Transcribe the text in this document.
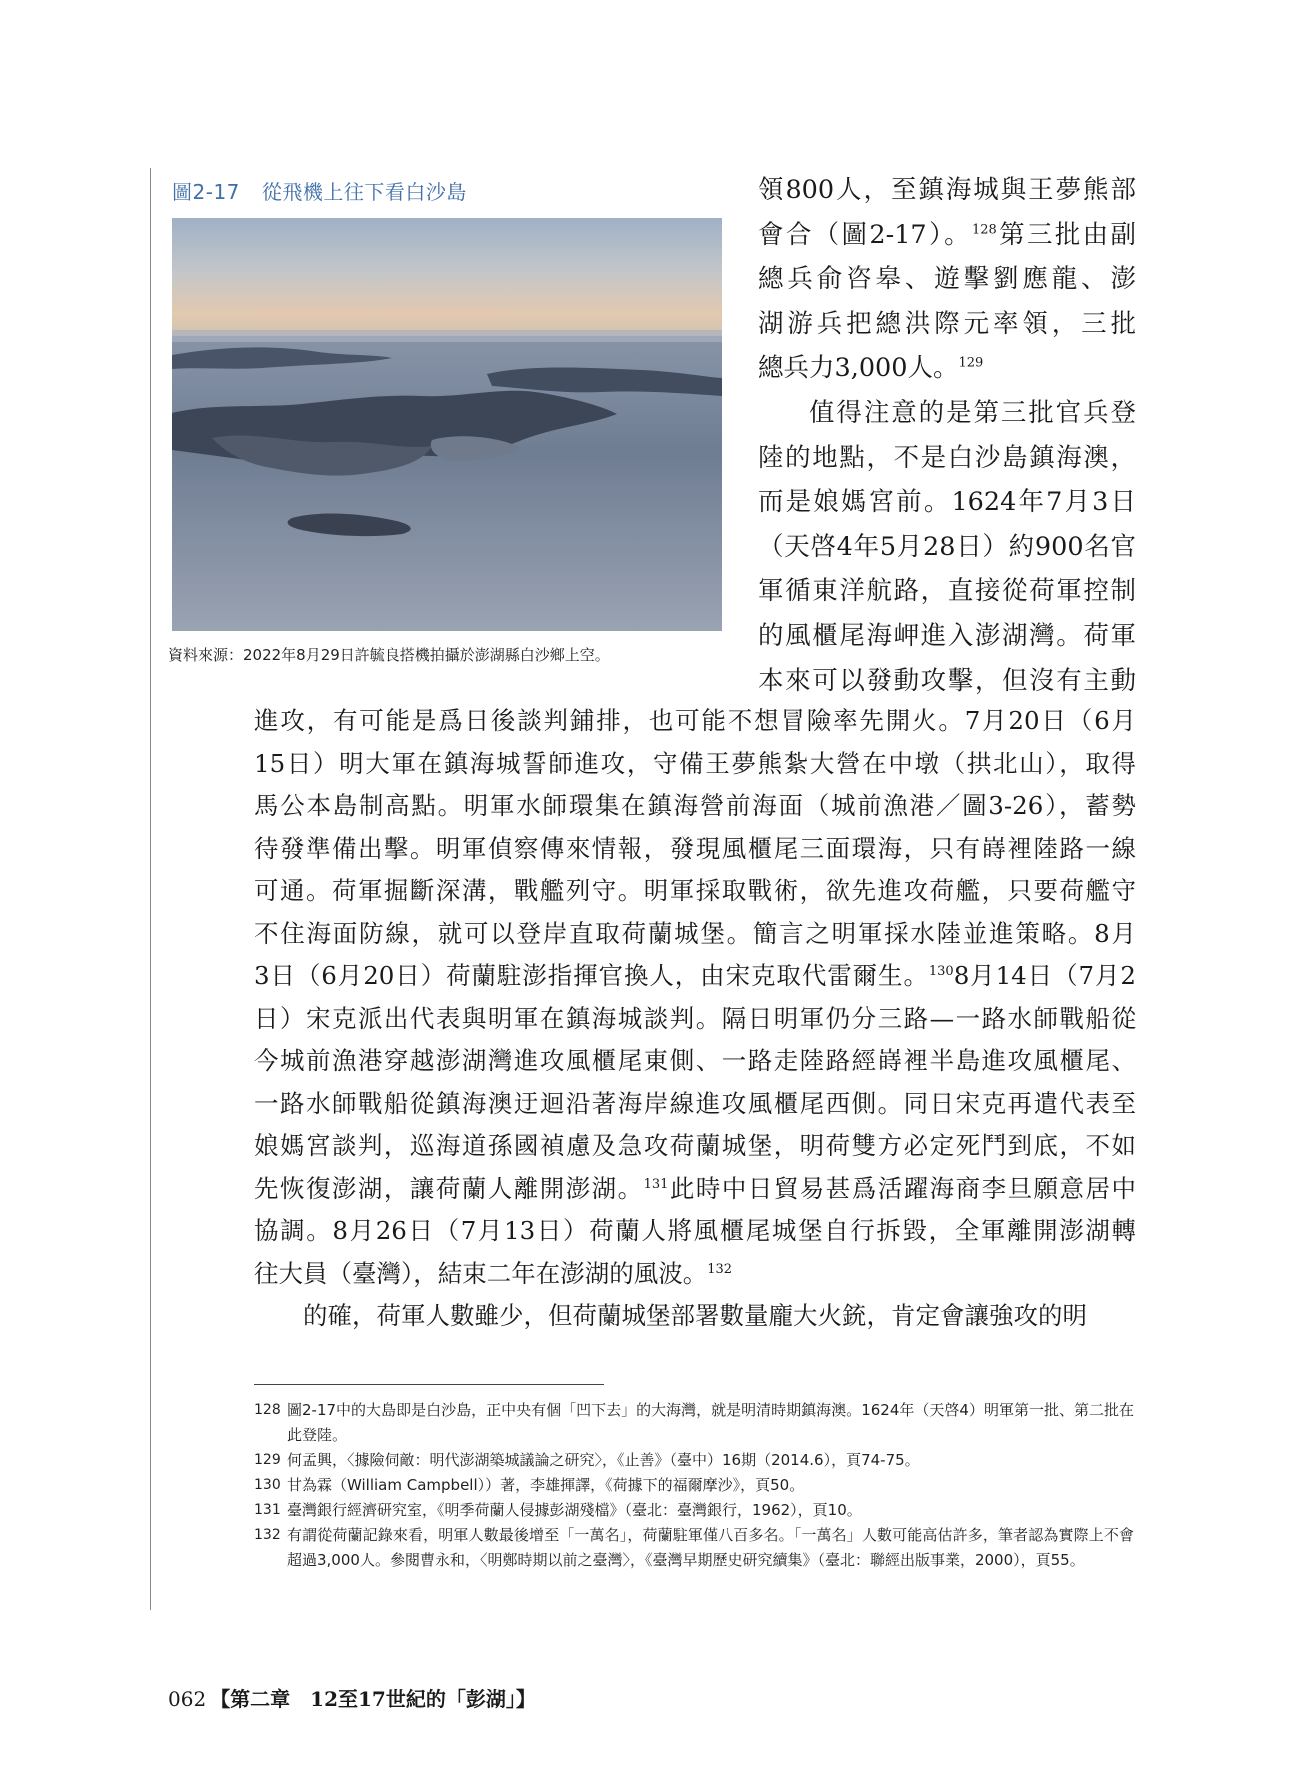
圖2-17 從飛機上往下看白沙島
資料來源：2022年8月29日許毓良搭機拍攝於澎湖縣白沙鄉上空。

領800人，至鎮海城與王夢熊部

會合（圖2-17）。$^{128}$第三批由副

總兵俞咨皋、遊擊劉應龍、澎

湖游兵把總洪際元率領，三批

總兵力3,000人。$^{129}$

值得注意的是第三批官兵登

陸的地點，不是白沙島鎮海澳，

而是娘媽宮前。1624年7月3日

（天啓4年5月28日）約900名官

軍循東洋航路，直接從荷軍控制

的風櫃尾海岬進入澎湖灣。荷軍

本來可以發動攻擊，但沒有主動

進攻，有可能是爲日後談判鋪排，也可能不想冒險率先開火。7月20日（6月

15日）明大軍在鎮海城誓師進攻，守備王夢熊紮大營在中墩（拱北山），取得

馬公本島制高點。明軍水師環集在鎮海營前海面（城前漁港／圖3-26），蓄勢

待發準備出擊。明軍偵察傳來情報，發現風櫃尾三面環海，只有嵵裡陸路一線

可通。荷軍掘斷深溝，戰艦列守。明軍採取戰術，欲先進攻荷艦，只要荷艦守

不住海面防線，就可以登岸直取荷蘭城堡。簡言之明軍採水陸並進策略。8月

3日（6月20日）荷蘭駐澎指揮官換人，由宋克取代雷爾生。$^{130}$8月14日（7月2

日）宋克派出代表與明軍在鎮海城談判。隔日明軍仍分三路—一路水師戰船從

今城前漁港穿越澎湖灣進攻風櫃尾東側、一路走陸路經嵵裡半島進攻風櫃尾、

一路水師戰船從鎮海澳迂迴沿著海岸線進攻風櫃尾西側。同日宋克再遣代表至

娘媽宮談判，巡海道孫國禎慮及急攻荷蘭城堡，明荷雙方必定死鬥到底，不如

先恢復澎湖，讓荷蘭人離開澎湖。$^{131}$此時中日貿易甚爲活躍海商李旦願意居中

協調。8月26日（7月13日）荷蘭人將風櫃尾城堡自行拆毀，全軍離開澎湖轉

往大員（臺灣），結束二年在澎湖的風波。$^{132}$

的確，荷軍人數雖少，但荷蘭城堡部署數量龐大火銃，肯定會讓強攻的明

128 圖2-17中的大島即是白沙島，正中央有個「凹下去」的大海灣，就是明清時期鎮海澳。1624年（天啓4）明軍第一批、第二批在此登陸。
129 何孟興，〈據險伺敵：明代澎湖築城議論之研究〉，《止善》（臺中）16期（2014.6），頁74-75。
130 甘為霖（William Campbell））著，李雄揮譯，《荷據下的福爾摩沙》，頁50。
131 臺灣銀行經濟研究室，《明季荷蘭人侵據彭湖殘檔》（臺北：臺灣銀行，1962），頁10。
132 有謂從荷蘭記錄來看，明軍人數最後增至「一萬名」，荷蘭駐軍僅八百多名。「一萬名」人數可能高估許多，筆者認為實際上不會超過3,000人。參閱曹永和，〈明鄭時期以前之臺灣〉，《臺灣早期歷史研究續集》（臺北：聯經出版事業，2000），頁55。
062 【第二章　12至17世紀的「彭湖」】
